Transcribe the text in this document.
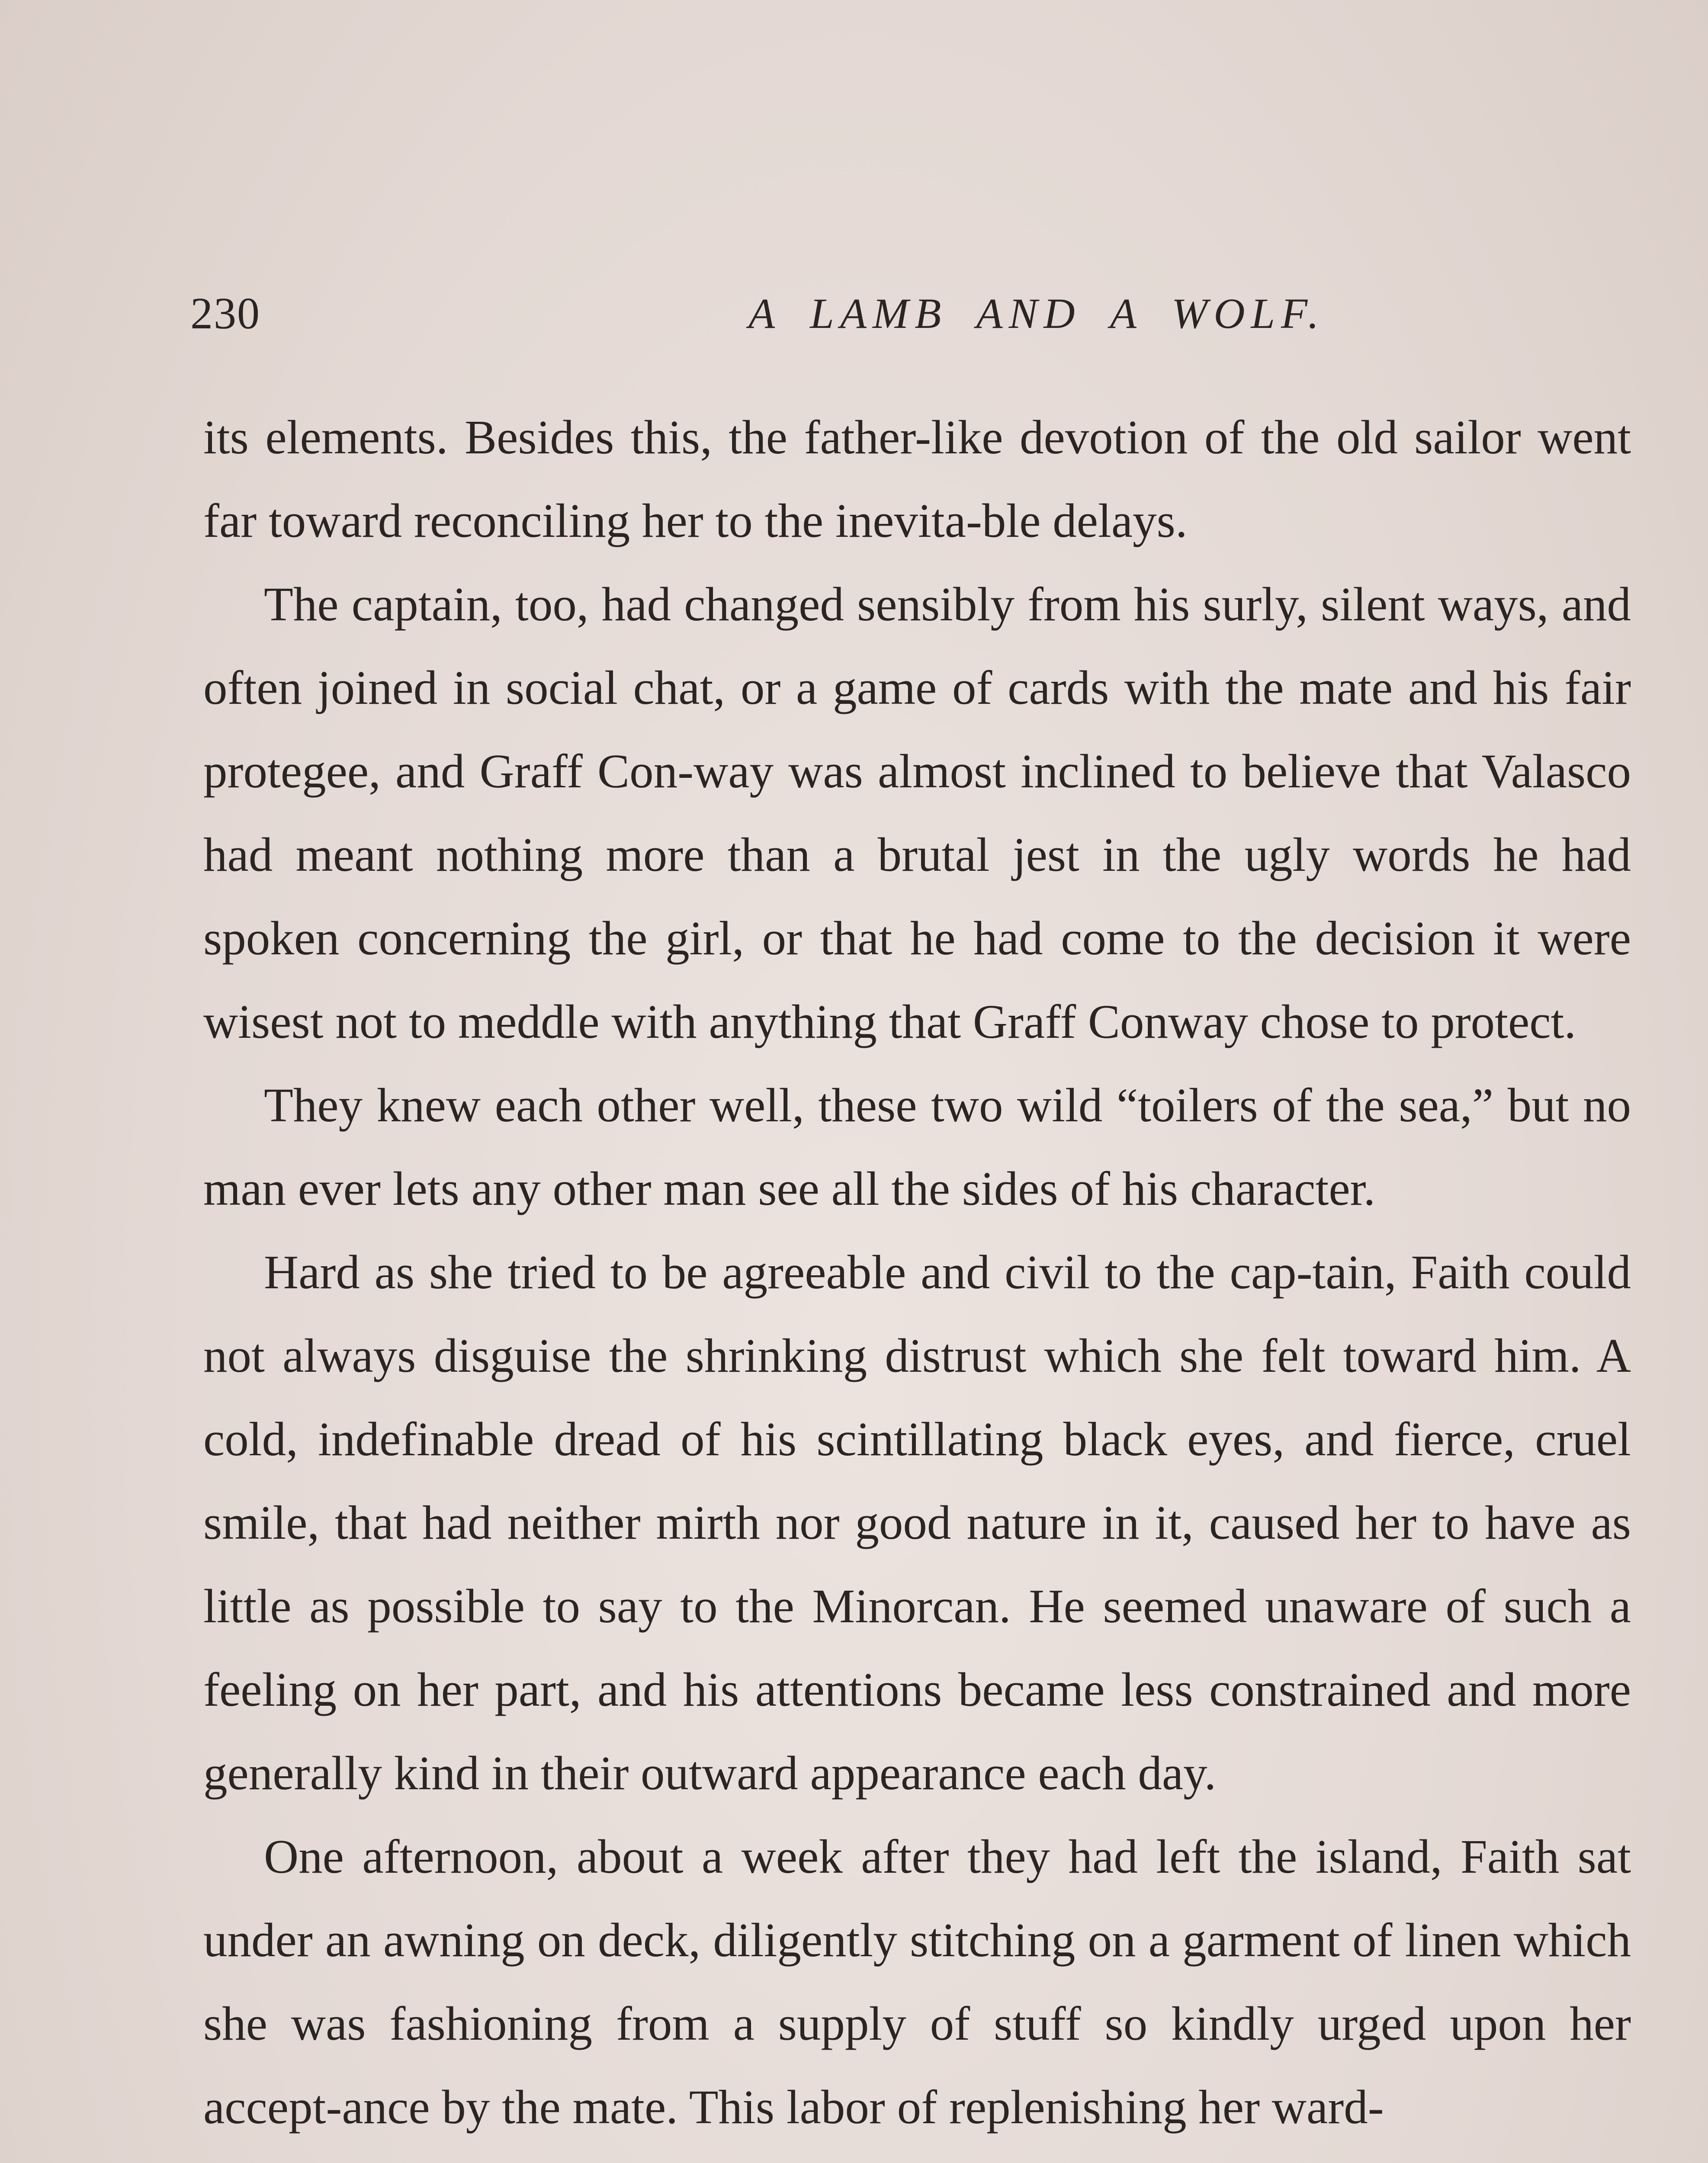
230	A LAMB AND A WOLF.

its elements. Besides this, the father-like devotion of the old sailor went far toward reconciling her to the inevita-ble delays.

The captain, too, had changed sensibly from his surly, silent ways, and often joined in social chat, or a game of cards with the mate and his fair protegee, and Graff Con-way was almost inclined to believe that Valasco had meant nothing more than a brutal jest in the ugly words he had spoken concerning the girl, or that he had come to the decision it were wisest not to meddle with anything that Graff Conway chose to protect.

They knew each other well, these two wild “toilers of the sea,” but no man ever lets any other man see all the sides of his character.

Hard as she tried to be agreeable and civil to the cap-tain, Faith could not always disguise the shrinking distrust which she felt toward him. A cold, indefinable dread of his scintillating black eyes, and fierce, cruel smile, that had neither mirth nor good nature in it, caused her to have as little as possible to say to the Minorcan. He seemed unaware of such a feeling on her part, and his attentions became less constrained and more generally kind in their outward appearance each day.

One afternoon, about a week after they had left the island, Faith sat under an awning on deck, diligently stitching on a garment of linen which she was fashioning from a supply of stuff so kindly urged upon her accept-ance by the mate. This labor of replenishing her ward-
